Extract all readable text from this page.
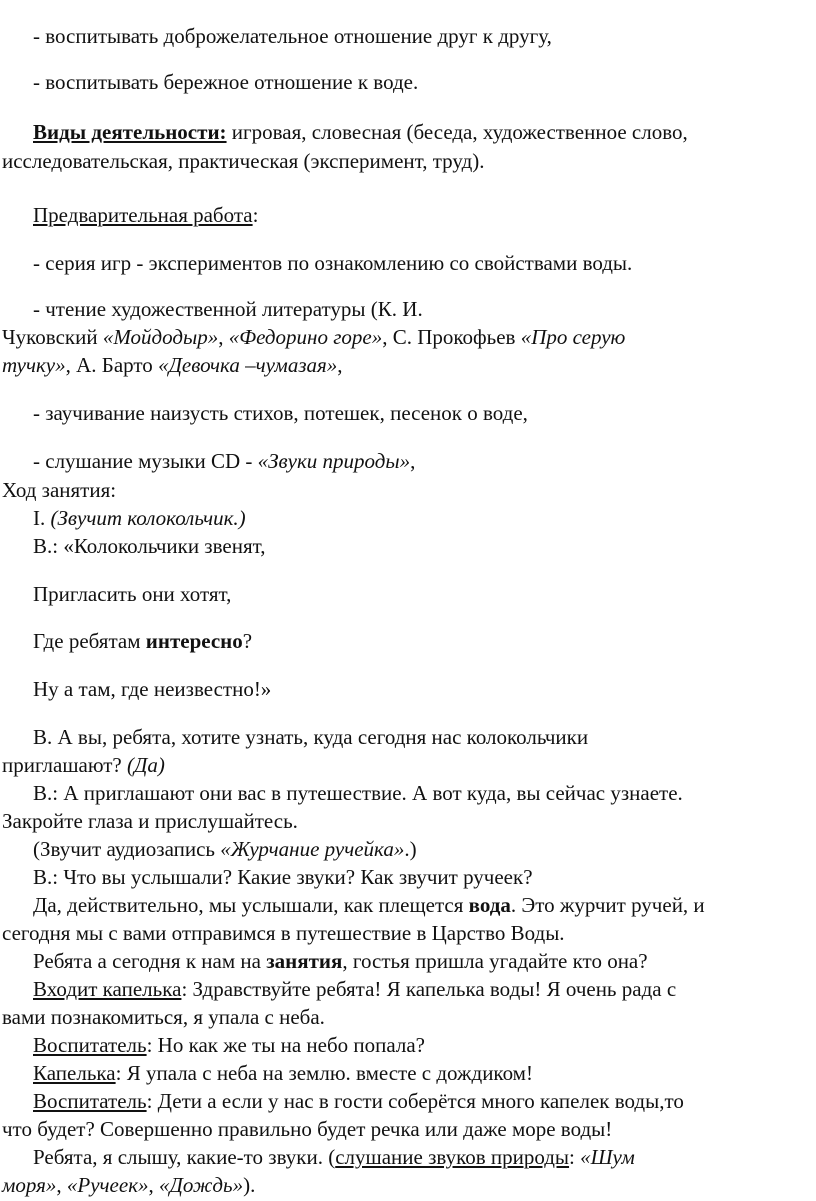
- воспитывать доброжелательное отношение друг к другу,
- воспитывать бережное отношение к воде.
Виды деятельности: игровая, словесная (беседа, художественное слово,
исследовательская, практическая (эксперимент, труд).
Предварительная работа:
- серия игр - экспериментов по ознакомлению со свойствами воды.
- чтение художественной литературы (К. И.
Чуковский «Мойдодыр», «Федорино горе», С. Прокофьев «Про серую
тучку», А. Барто «Девочка –чумазая»,
- заучивание наизусть стихов, потешек, песенок о воде,
- слушание музыки CD - «Звуки природы»,
Ход занятия:
I. (Звучит колокольчик.)
В.: «Колокольчики звенят,
Пригласить они хотят,
Где ребятам интересно?
Ну а там, где неизвестно!»
В. А вы, ребята, хотите узнать, куда сегодня нас колокольчики
приглашают? (Да)
В.: А приглашают они вас в путешествие. А вот куда, вы сейчас узнаете.
Закройте глаза и прислушайтесь.
(Звучит аудиозапись «Журчание ручейка».)
В.: Что вы услышали? Какие звуки? Как звучит ручеек?
Да, действительно, мы услышали, как плещется вода. Это журчит ручей, и
сегодня мы с вами отправимся в путешествие в Царство Воды.
Ребята а сегодня к нам на занятия, гостья пришла угадайте кто она?
Входит капелька: Здравствуйте ребята! Я капелька воды! Я очень рада с
вами познакомиться, я упала с неба.
Воспитатель: Но как же ты на небо попала?
Капелька: Я упала с неба на землю. вместе с дождиком!
Воспитатель: Дети а если у нас в гости соберётся много капелек воды,то
что будет? Совершенно правильно будет речка или даже море воды!
Ребята, я слышу, какие-то звуки. (слушание звуков природы: «Шум
моря», «Ручеек», «Дождь»).
